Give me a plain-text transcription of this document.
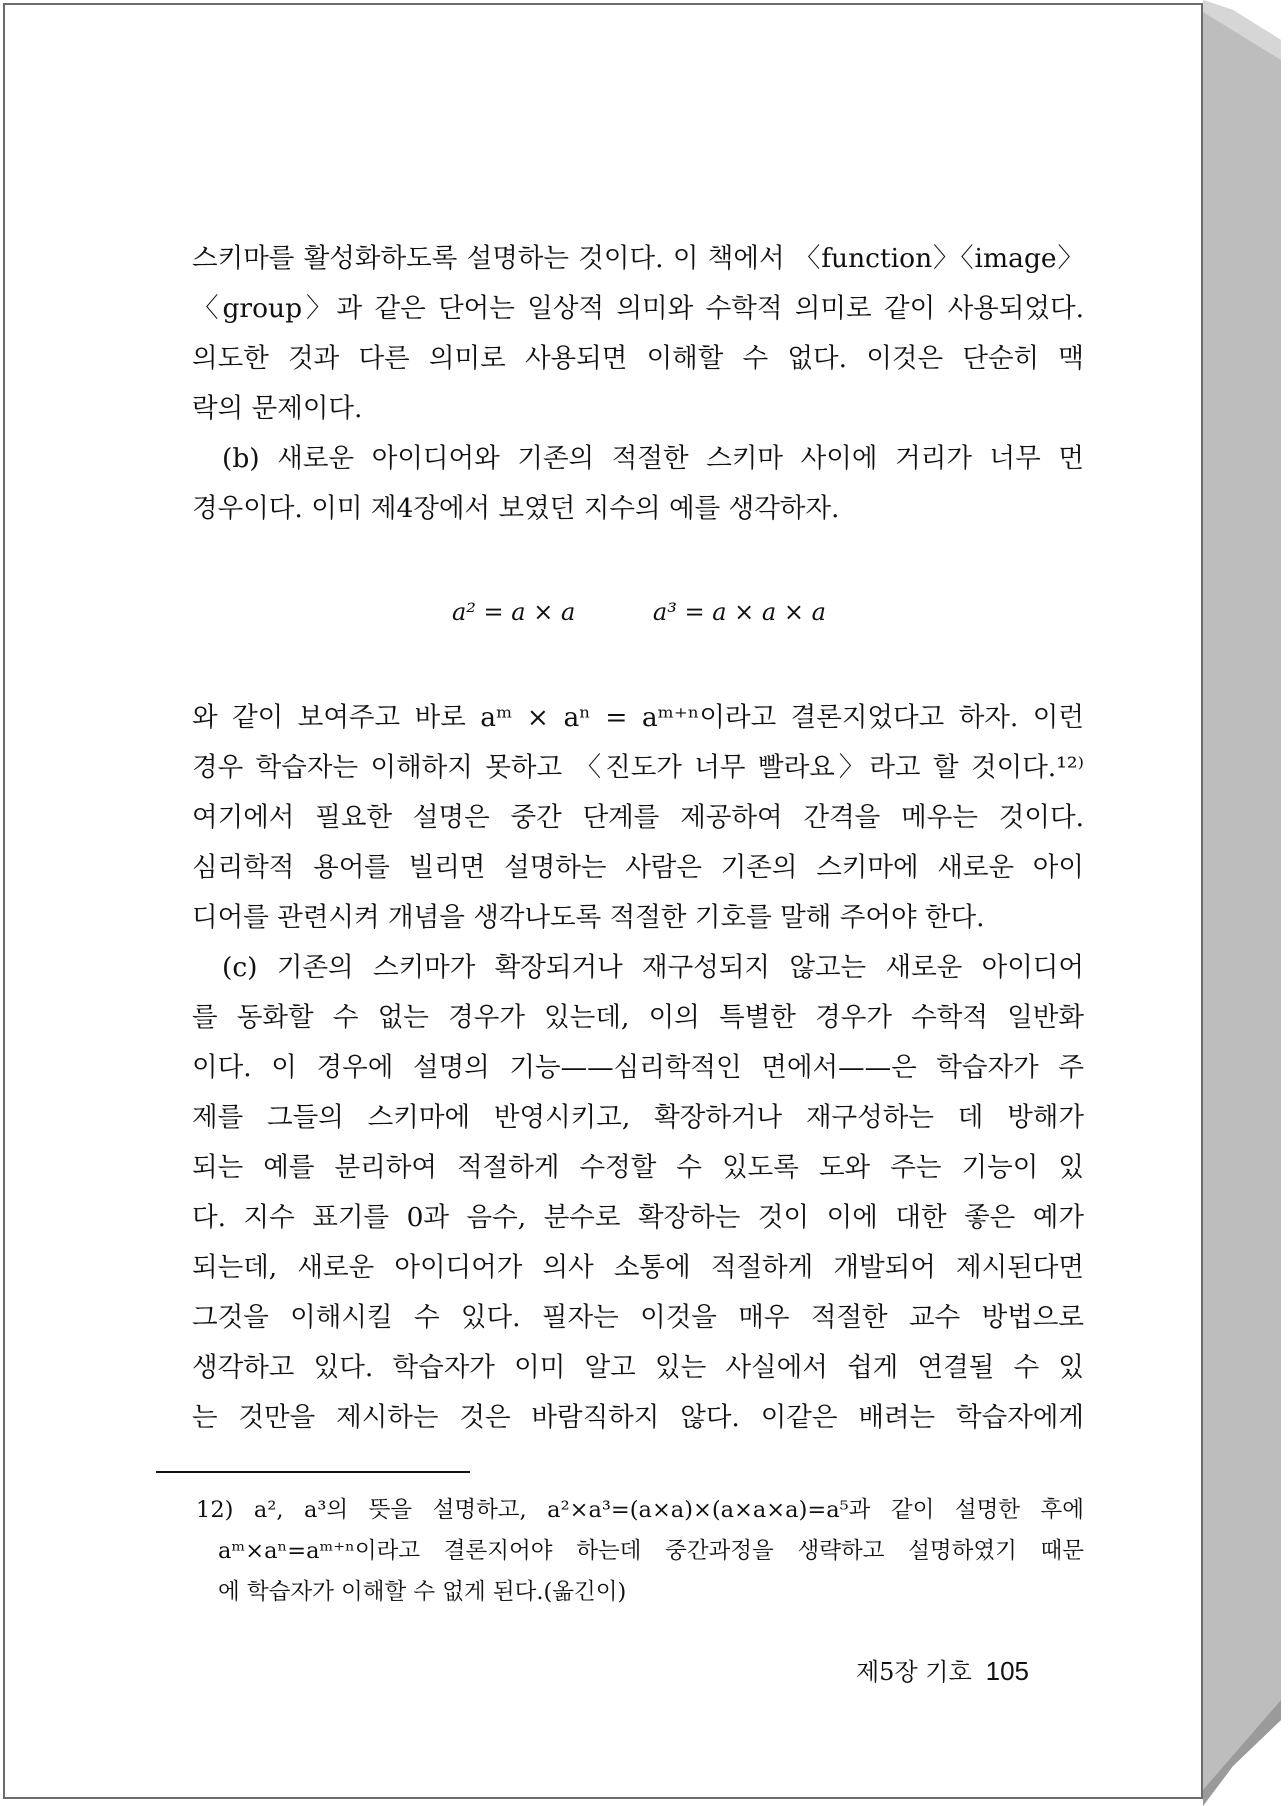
스키마를 활성화하도록 설명하는 것이다. 이 책에서 〈function〉〈image〉
〈group〉과 같은 단어는 일상적 의미와 수학적 의미로 같이 사용되었다.
의도한 것과 다른 의미로 사용되면 이해할 수 없다. 이것은 단순히 맥
락의 문제이다.
(b) 새로운 아이디어와 기존의 적절한 스키마 사이에 거리가 너무 먼
경우이다. 이미 제4장에서 보였던 지수의 예를 생각하자.
a² = a × a	a³ = a × a × a
와 같이 보여주고 바로 aᵐ × aⁿ = aᵐ⁺ⁿ이라고 결론지었다고 하자. 이런
경우 학습자는 이해하지 못하고 〈진도가 너무 빨라요〉라고 할 것이다.¹²⁾
여기에서 필요한 설명은 중간 단계를 제공하여 간격을 메우는 것이다.
심리학적 용어를 빌리면 설명하는 사람은 기존의 스키마에 새로운 아이
디어를 관련시켜 개념을 생각나도록 적절한 기호를 말해 주어야 한다.
(c) 기존의 스키마가 확장되거나 재구성되지 않고는 새로운 아이디어
를 동화할 수 없는 경우가 있는데, 이의 특별한 경우가 수학적 일반화
이다. 이 경우에 설명의 기능——심리학적인 면에서——은 학습자가 주
제를 그들의 스키마에 반영시키고, 확장하거나 재구성하는 데 방해가
되는 예를 분리하여 적절하게 수정할 수 있도록 도와 주는 기능이 있
다. 지수 표기를 0과 음수, 분수로 확장하는 것이 이에 대한 좋은 예가
되는데, 새로운 아이디어가 의사 소통에 적절하게 개발되어 제시된다면
그것을 이해시킬 수 있다. 필자는 이것을 매우 적절한 교수 방법으로
생각하고 있다. 학습자가 이미 알고 있는 사실에서 쉽게 연결될 수 있
는 것만을 제시하는 것은 바람직하지 않다. 이같은 배려는 학습자에게
12) a², a³의 뜻을 설명하고, a²×a³=(a×a)×(a×a×a)=a⁵과 같이 설명한 후에
aᵐ×aⁿ=aᵐ⁺ⁿ이라고 결론지어야 하는데 중간과정을 생략하고 설명하였기 때문
에 학습자가 이해할 수 없게 된다.(옮긴이)
제5장 기호 105
